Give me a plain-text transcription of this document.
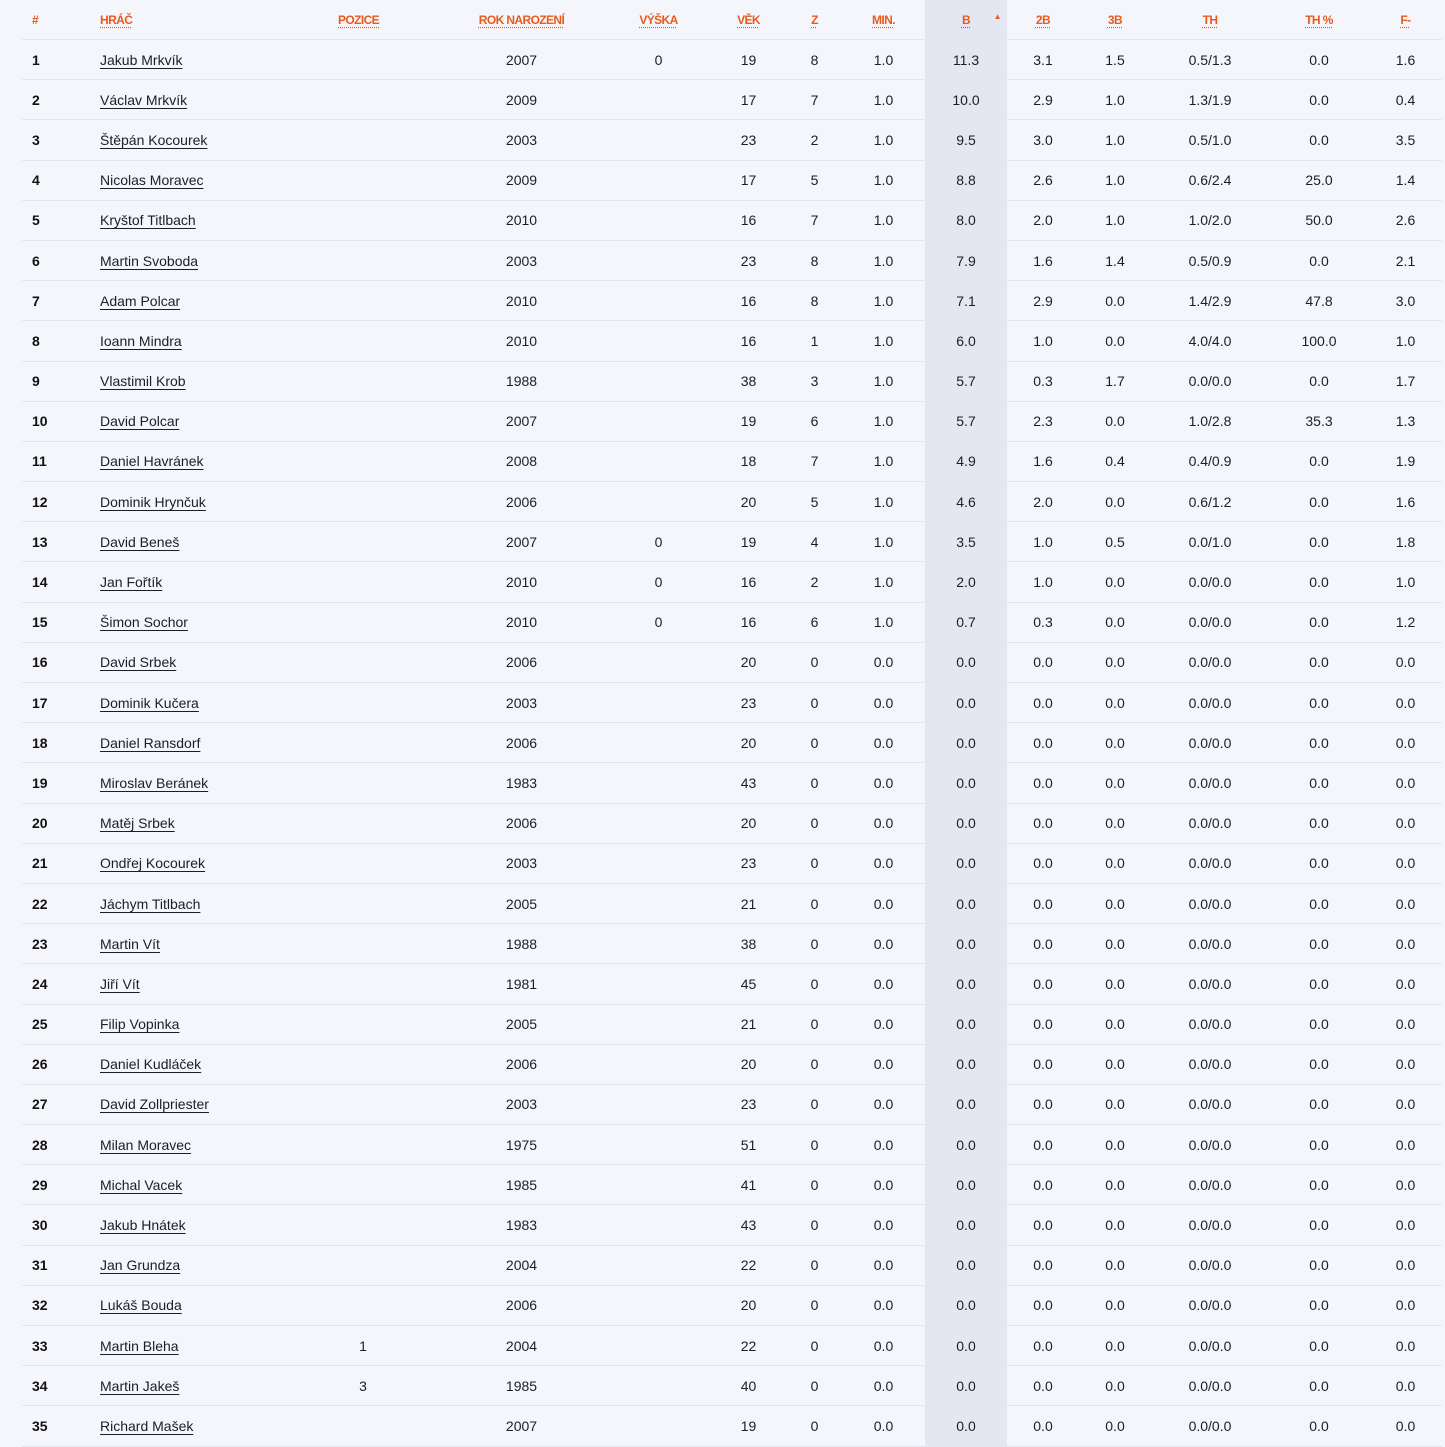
#	HRÁČ	POZICE	ROK NAROZENÍ	VÝŠKA	VĚK	Z	MIN.	B ▲	2B	3B	TH	TH %	F-
1	Jakub Mrkvík		2007	0	19	8	1.0	11.3	3.1	1.5	0.5/1.3	0.0	1.6
2	Václav Mrkvík		2009		17	7	1.0	10.0	2.9	1.0	1.3/1.9	0.0	0.4
3	Štěpán Kocourek		2003		23	2	1.0	9.5	3.0	1.0	0.5/1.0	0.0	3.5
4	Nicolas Moravec		2009		17	5	1.0	8.8	2.6	1.0	0.6/2.4	25.0	1.4
5	Kryštof Titlbach		2010		16	7	1.0	8.0	2.0	1.0	1.0/2.0	50.0	2.6
6	Martin Svoboda		2003		23	8	1.0	7.9	1.6	1.4	0.5/0.9	0.0	2.1
7	Adam Polcar		2010		16	8	1.0	7.1	2.9	0.0	1.4/2.9	47.8	3.0
8	Ioann Mindra		2010		16	1	1.0	6.0	1.0	0.0	4.0/4.0	100.0	1.0
9	Vlastimil Krob		1988		38	3	1.0	5.7	0.3	1.7	0.0/0.0	0.0	1.7
10	David Polcar		2007		19	6	1.0	5.7	2.3	0.0	1.0/2.8	35.3	1.3
11	Daniel Havránek		2008		18	7	1.0	4.9	1.6	0.4	0.4/0.9	0.0	1.9
12	Dominik Hrynčuk		2006		20	5	1.0	4.6	2.0	0.0	0.6/1.2	0.0	1.6
13	David Beneš		2007	0	19	4	1.0	3.5	1.0	0.5	0.0/1.0	0.0	1.8
14	Jan Fořtík		2010	0	16	2	1.0	2.0	1.0	0.0	0.0/0.0	0.0	1.0
15	Šimon Sochor		2010	0	16	6	1.0	0.7	0.3	0.0	0.0/0.0	0.0	1.2
16	David Srbek		2006		20	0	0.0	0.0	0.0	0.0	0.0/0.0	0.0	0.0
17	Dominik Kučera		2003		23	0	0.0	0.0	0.0	0.0	0.0/0.0	0.0	0.0
18	Daniel Ransdorf		2006		20	0	0.0	0.0	0.0	0.0	0.0/0.0	0.0	0.0
19	Miroslav Beránek		1983		43	0	0.0	0.0	0.0	0.0	0.0/0.0	0.0	0.0
20	Matěj Srbek		2006		20	0	0.0	0.0	0.0	0.0	0.0/0.0	0.0	0.0
21	Ondřej Kocourek		2003		23	0	0.0	0.0	0.0	0.0	0.0/0.0	0.0	0.0
22	Jáchym Titlbach		2005		21	0	0.0	0.0	0.0	0.0	0.0/0.0	0.0	0.0
23	Martin Vít		1988		38	0	0.0	0.0	0.0	0.0	0.0/0.0	0.0	0.0
24	Jiří Vít		1981		45	0	0.0	0.0	0.0	0.0	0.0/0.0	0.0	0.0
25	Filip Vopinka		2005		21	0	0.0	0.0	0.0	0.0	0.0/0.0	0.0	0.0
26	Daniel Kudláček		2006		20	0	0.0	0.0	0.0	0.0	0.0/0.0	0.0	0.0
27	David Zollpriester		2003		23	0	0.0	0.0	0.0	0.0	0.0/0.0	0.0	0.0
28	Milan Moravec		1975		51	0	0.0	0.0	0.0	0.0	0.0/0.0	0.0	0.0
29	Michal Vacek		1985		41	0	0.0	0.0	0.0	0.0	0.0/0.0	0.0	0.0
30	Jakub Hnátek		1983		43	0	0.0	0.0	0.0	0.0	0.0/0.0	0.0	0.0
31	Jan Grundza		2004		22	0	0.0	0.0	0.0	0.0	0.0/0.0	0.0	0.0
32	Lukáš Bouda		2006		20	0	0.0	0.0	0.0	0.0	0.0/0.0	0.0	0.0
33	Martin Bleha	1	2004		22	0	0.0	0.0	0.0	0.0	0.0/0.0	0.0	0.0
34	Martin Jakeš	3	1985		40	0	0.0	0.0	0.0	0.0	0.0/0.0	0.0	0.0
35	Richard Mašek		2007		19	0	0.0	0.0	0.0	0.0	0.0/0.0	0.0	0.0
